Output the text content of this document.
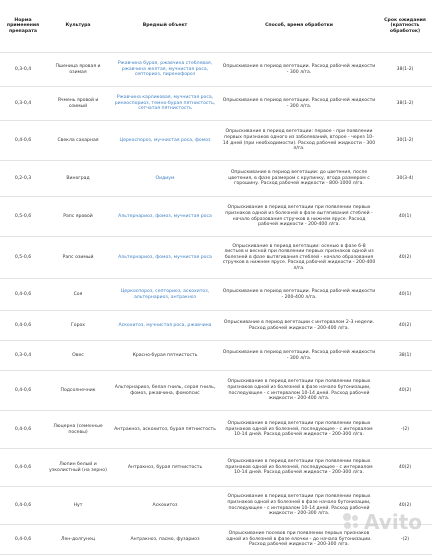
Норма применения препарата	Культура	Вредный объект	Способ, время обработки	Срок ожидания (кратность обработок)
0,3-0,4	Пшеница яровая и озимая	Ржавчина бурая, ржавчина стеблевая, ржавчина желтая, мучнистая роса, септориоз, пиренофороз	Опрыскивание в период вегетации. Расход рабочей жидкости - 300 л/га.	38(1-2)
0,3-0,4	Ячмень яровой и озимый	Ржавчина карликовая, мучнистая роса, ринхоспориоз, темно-бурая пятнистость, сетчатая пятнистость	Опрыскивание в период вегетации. Расход рабочей жидкости - 300 л/га.	38(1-2)
0,4-0,6	Свекла сахарная	Церкоспороз, мучнистая роса, фомоз	Опрыскивание в период вегетации: первое - при появлении первых признаков одного из заболеваний, второе - через 10-14 дней (при необходимости). Расход рабочей жидкости - 300 л/га.	30(1-2)
0,2-0,3	Виноград	Оидиум	Опрыскивание в период вегетации: до цветения, после цветения, в фазе размером с крупинку, ягода размером с горошину. Расход рабочей жидкости - 800-1000 л/га.	30(3-4)
0,5-0,6	Рапс яровой	Альтернариоз, фомоз, мучнистая роса	Опрыскивание в период вегетации при появлении первых признаков одной из болезней в фазе вытягивания стеблей - начало образования стручков в нижнем ярусе. Расход рабочей жидкости - 200-400 л/га.	40(1)
0,5-0,6	Рапс озимый	Альтернариоз, фомоз, мучнистая роса	Опрыскивание в период вегетации: осенью в фазе 6-8 листьев и весной при появлении первых признаков одной из болезней в фазе вытягивания стеблей - начало образования стручков в нижнем ярусе. Расход рабочей жидкости - 200-400 л/га.	40(2)
0,4-0,6	Соя	Церкоспороз, септориоз, аскохитоз, альтернариоз, антракноз	Опрыскивание в период вегетации. Расход рабочей жидкости - 200-400 л/га.	40(1)
0,4-0,6	Горох	Аскохитоз, мучнистая роса, ржавчина	Опрыскивание в период вегетации с интервалом 2-3 недели. Расход рабочей жидкости - 200-400 л/га.	40(2)
0,3-0,4	Овес	Красно-бурая пятнистость	Опрыскивание в период вегетации. Расход рабочей жидкости - 300 л/га.	38(1)
0,4-0,6	Подсолнечник	Альтернариоз, белая гниль, серая гниль, фомоз, ржавчина, фомопсис	Опрыскивание в период вегетации при появлении первых признаков одной из болезней в фазе начало бутонизации, последующее - с интервалом 10-14 дней. Расход рабочей жидкости - 200-400 л/га.	40(2)
0,4-0,6	Люцерна (семенные посевы)	Антракноз, аскохитоз, бурая пятнистость	Опрыскивание в период вегетации при появлении первых признаков одной из болезней, последующее - с интервалом 10-14 дней. Расход рабочей жидкости - 200-300 л/га.	-(2)
0,4-0,6	Люпин белый и узколистный (на зерно)	Антракноз, бурая пятнистость	Опрыскивание в период вегетации при появлении первых признаков одной из болезней, последующее - с интервалом 10-14 дней. Расход рабочей жидкости - 200-300 л/га.	40(2)
0,4-0,6	Нут	Аскохитоз	Опрыскивание в период вегетации при появлении первых признаков одной из болезней в фазе начало бутонизации, последующее - с интервалом 10-14 дней. Расход рабочей жидкости - 200-300 л/га.	40(2)
0,4-0,6	Лен-долгунец	Антракноз, пасмо, фузариоз	Опрыскивание посевов при появлении первых признаков одной из болезней в фазе елочки - до начала бутонизации. Расход рабочей жидкости - 200-300 л/га.	-(2)
Avito
